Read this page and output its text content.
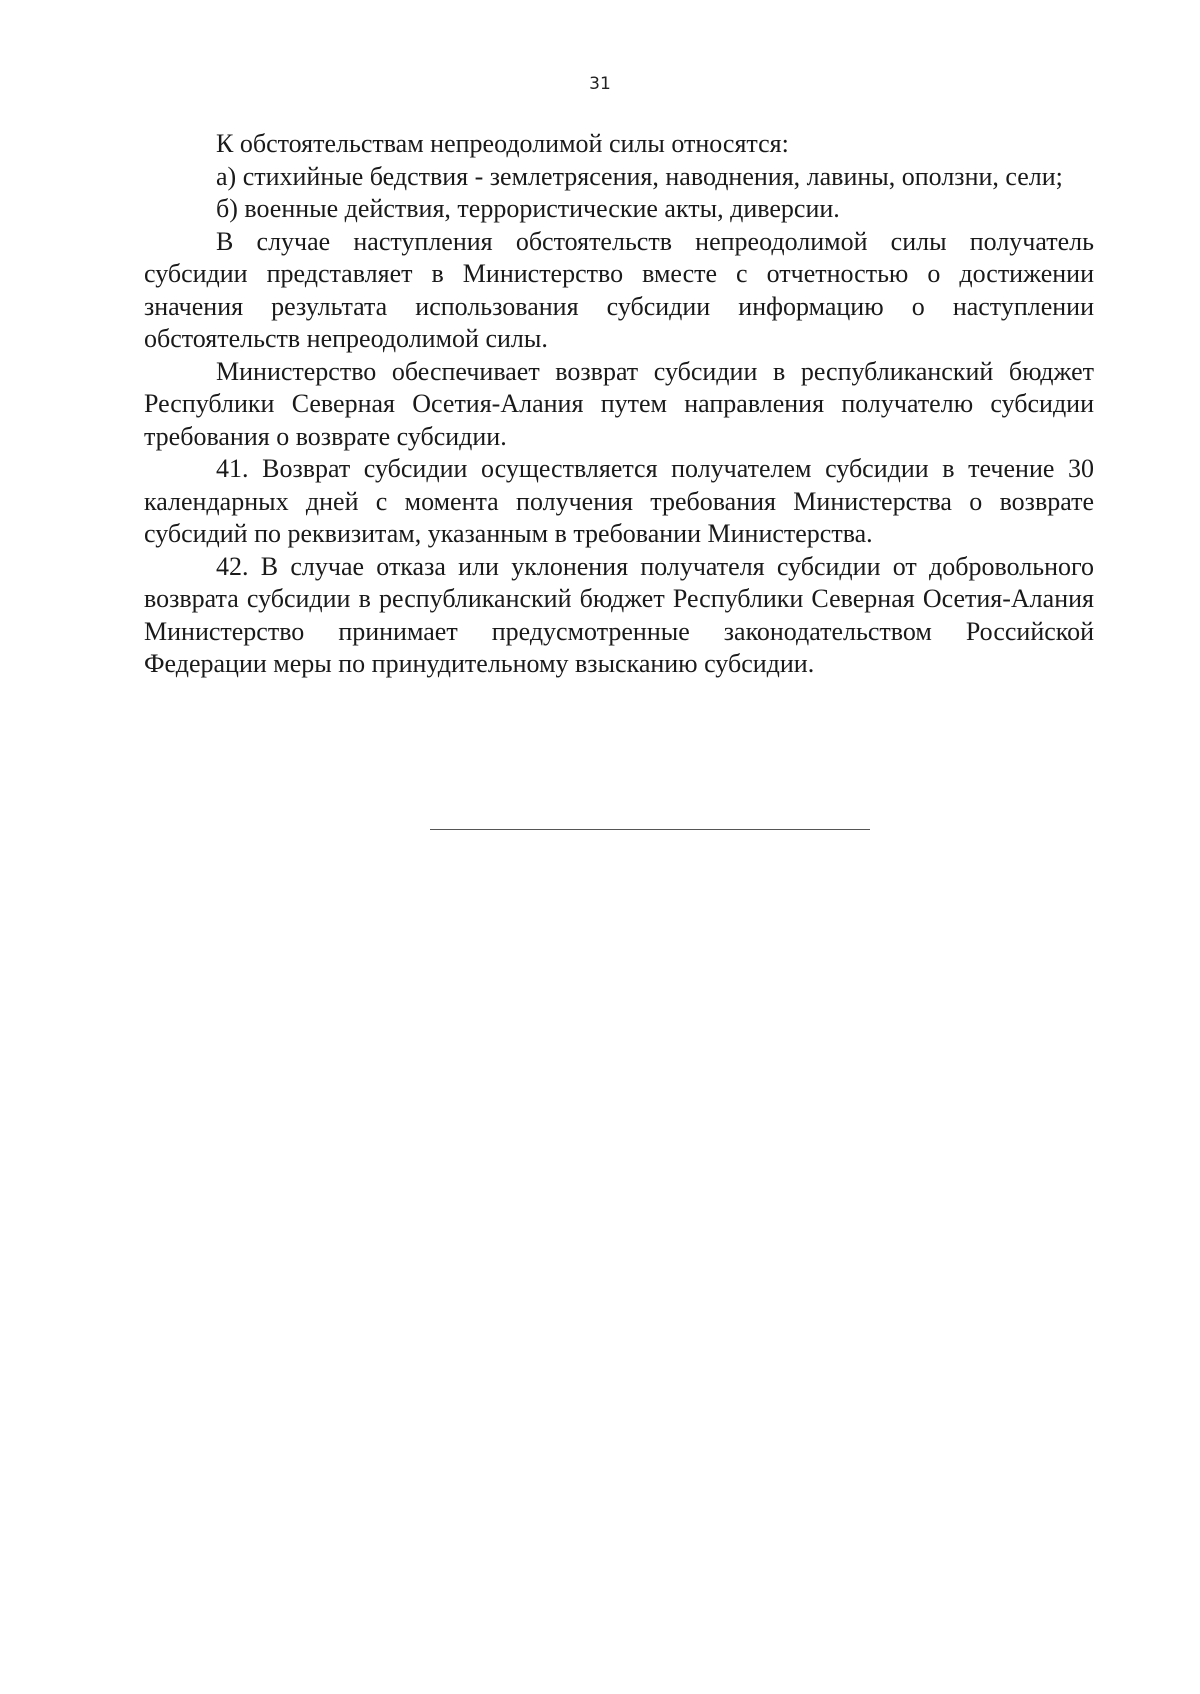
31

К обстоятельствам непреодолимой силы относятся:

а) стихийные бедствия - землетрясения, наводнения, лавины, оползни, сели;

б) военные действия, террористические акты, диверсии.

В случае наступления обстоятельств непреодолимой силы получатель субсидии представляет в Министерство вместе с отчетностью о достижении значения результата использования субсидии информацию о наступлении обстоятельств непреодолимой силы.

Министерство обеспечивает возврат субсидии в республиканский бюджет Республики Северная Осетия-Алания путем направления получателю субсидии требования о возврате субсидии.

41. Возврат субсидии осуществляется получателем субсидии в течение 30 календарных дней с момента получения требования Министерства о возврате субсидий по реквизитам, указанным в требовании Министерства.

42. В случае отказа или уклонения получателя субсидии от добровольного возврата субсидии в республиканский бюджет Республики Северная Осетия-Алания Министерство принимает предусмотренные законодательством Российской Федерации меры по принудительному взысканию субсидии.
